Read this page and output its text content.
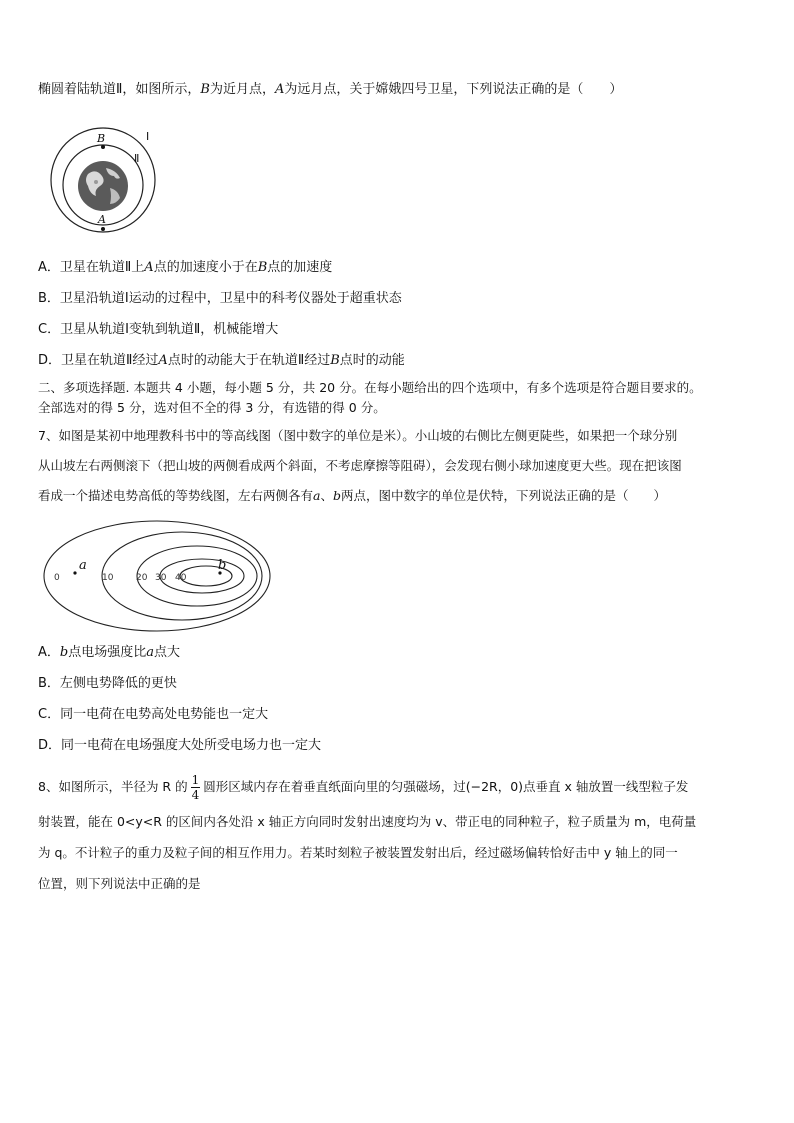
椭圆着陆轨道Ⅱ，如图所示，B为近月点，A为远月点，关于嫦娥四号卫星，下列说法正确的是（　　）
B
A
Ⅰ
Ⅱ
A．卫星在轨道Ⅱ上A点的加速度小于在B点的加速度
B．卫星沿轨道Ⅰ运动的过程中，卫星中的科考仪器处于超重状态
C．卫星从轨道Ⅰ变轨到轨道Ⅱ，机械能增大
D．卫星在轨道Ⅱ经过A点时的动能大于在轨道Ⅱ经过B点时的动能
二、多项选择题. 本题共 4 小题，每小题 5 分，共 20 分。在每小题给出的四个选项中，有多个选项是符合题目要求的。
全部选对的得 5 分，选对但不全的得 3 分，有选错的得 0 分。
7、如图是某初中地理教科书中的等高线图（图中数字的单位是米）。小山坡的右侧比左侧更陡些，如果把一个球分别
从山坡左右两侧滚下（把山坡的两侧看成两个斜面，不考虑摩擦等阻碍），会发现右侧小球加速度更大些。现在把该图
看成一个描述电势高低的等势线图，左右两侧各有a、b两点，图中数字的单位是伏特，下列说法正确的是（　　）
a	b
0	10	20 30 40
A．b点电场强度比a点大
B．左侧电势降低的更快
C．同一电荷在电势高处电势能也一定大
D．同一电荷在电场强度大处所受电场力也一定大
8、如图所示，半径为 R 的 $\frac{1}{4}$ 圆形区域内存在着垂直纸面向里的匀强磁场，过(−2R，0)点垂直 x 轴放置一线型粒子发
射装置，能在 0<y<R 的区间内各处沿 x 轴正方向同时发射出速度均为 v、带正电的同种粒子，粒子质量为 m，电荷量
为 q。不计粒子的重力及粒子间的相互作用力。若某时刻粒子被装置发射出后，经过磁场偏转恰好击中 y 轴上的同一
位置，则下列说法中正确的是
